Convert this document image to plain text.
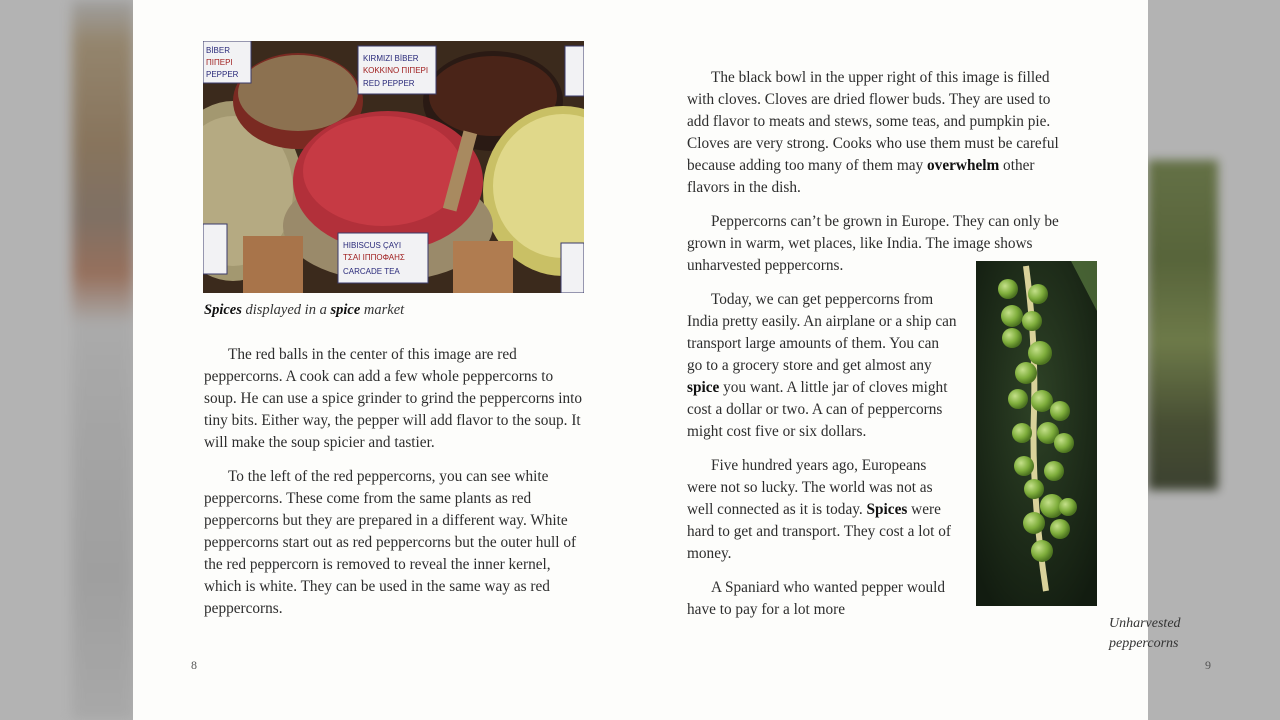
KIRMIZI BİBER
ΚΟΚΚΙΝΟ ΠΙΠΕΡΙ
RED PEPPER
HIBISCUS ÇAYI
ΤΣΑΙ ΙΠΠΟΦΑΗΣ
CARCADE TEA
BİBER
ΠΙΠΕΡΙ
PEPPER
Spices displayed in a spice market

The red balls in the center of this image are red peppercorns. A cook can add a few whole peppercorns to soup. He can use a spice grinder to grind the peppercorns into tiny bits. Either way, the pepper will add flavor to the soup. It will make the soup spicier and tastier.

To the left of the red peppercorns, you can see white peppercorns. These come from the same plants as red peppercorns but they are prepared in a different way. White peppercorns start out as red peppercorns but the outer hull of the red peppercorn is removed to reveal the inner kernel, which is white. They can be used in the same way as red peppercorns.

8

The black bowl in the upper right of this image is filled with cloves. Cloves are dried flower buds. They are used to add flavor to meats and stews, some teas, and pumpkin pie. Cloves are very strong. Cooks who use them must be careful because adding too many of them may overwhelm other flavors in the dish.

Peppercorns can’t be grown in Europe. They can only be grown in warm, wet places, like India. The image shows unharvested peppercorns.

Today, we can get peppercorns from India pretty easily. An airplane or a ship can transport large amounts of them. You can go to a grocery store and get almost any spice you want. A little jar of cloves might cost a dollar or two. A can of peppercorns might cost five or six dollars.

Five hundred years ago, Europeans were not so lucky. The world was not as well connected as it is today. Spices were hard to get and transport. They cost a lot of money.

A Spaniard who wanted pepper would have to pay for a lot more

Unharvested peppercorns
9
